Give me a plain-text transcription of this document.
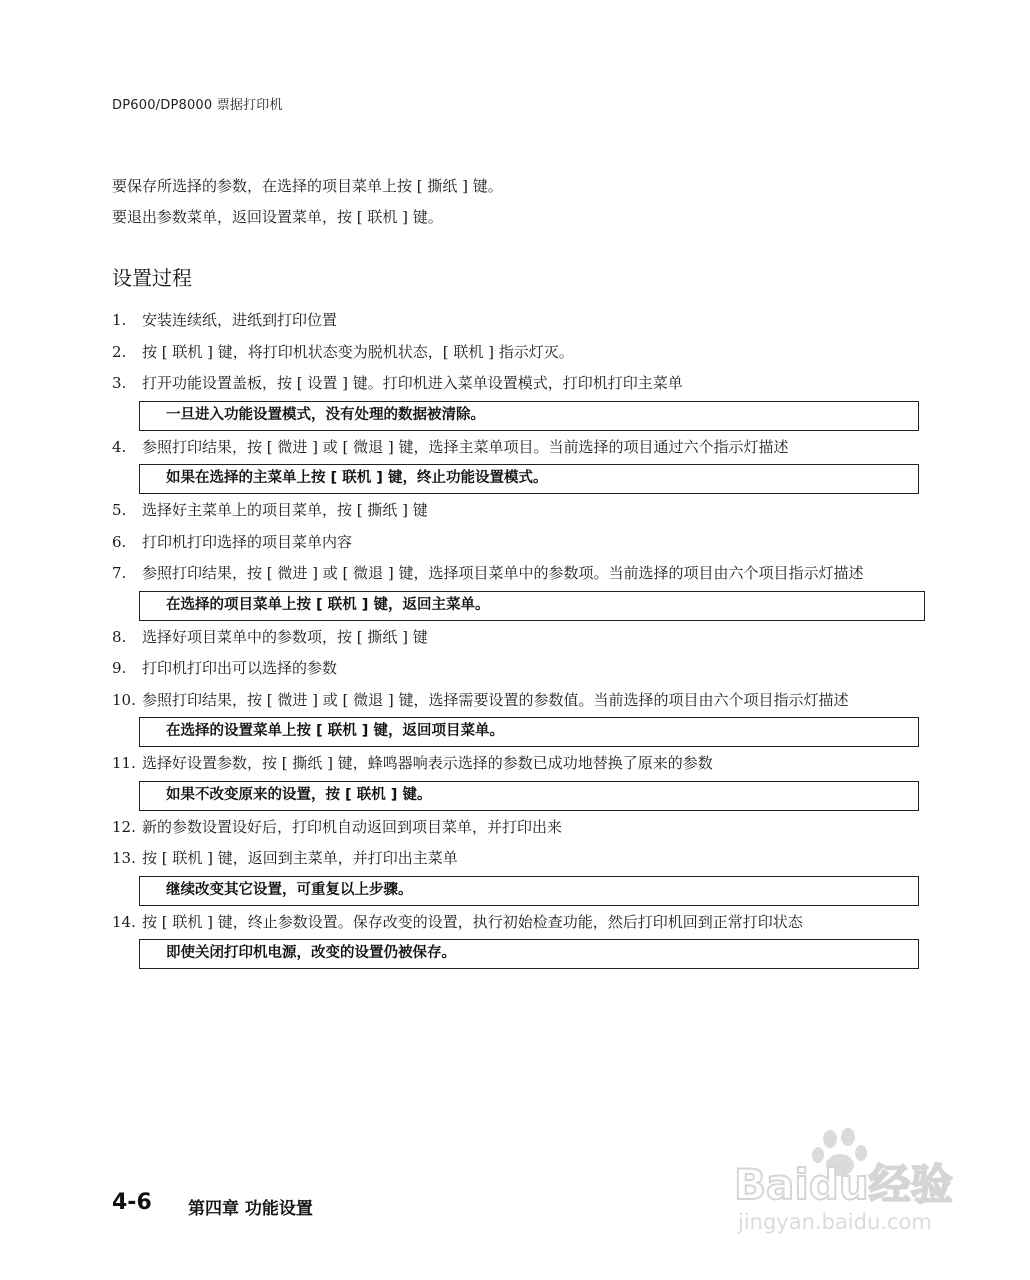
DP600/DP8000 票据打印机

要保存所选择的参数，在选择的项目菜单上按 [ 撕纸 ] 键。

要退出参数菜单，返回设置菜单，按 [ 联机 ] 键。

设置过程
1. 安装连续纸，进纸到打印位置
2. 按 [ 联机 ] 键，将打印机状态变为脱机状态，[ 联机 ] 指示灯灭。
3. 打开功能设置盖板，按 [ 设置 ] 键。打印机进入菜单设置模式，打印机打印主菜单
一旦进入功能设置模式，没有处理的数据被清除。
4. 参照打印结果，按 [ 微进 ] 或 [ 微退 ] 键，选择主菜单项目。当前选择的项目通过六个指示灯描述
如果在选择的主菜单上按 [ 联机 ] 键，终止功能设置模式。
5. 选择好主菜单上的项目菜单，按 [ 撕纸 ] 键
6. 打印机打印选择的项目菜单内容
7. 参照打印结果，按 [ 微进 ] 或 [ 微退 ] 键，选择项目菜单中的参数项。当前选择的项目由六个项目指示灯描述
在选择的项目菜单上按 [ 联机 ] 键，返回主菜单。
8. 选择好项目菜单中的参数项，按 [ 撕纸 ] 键
9. 打印机打印出可以选择的参数
10. 参照打印结果，按 [ 微进 ] 或 [ 微退 ] 键，选择需要设置的参数值。当前选择的项目由六个项目指示灯描述
在选择的设置菜单上按 [ 联机 ] 键，返回项目菜单。
11. 选择好设置参数，按 [ 撕纸 ] 键，蜂鸣器响表示选择的参数已成功地替换了原来的参数
如果不改变原来的设置，按 [ 联机 ] 键。
12. 新的参数设置设好后，打印机自动返回到项目菜单，并打印出来
13. 按 [ 联机 ] 键，返回到主菜单，并打印出主菜单
继续改变其它设置，可重复以上步骤。
14. 按 [ 联机 ] 键，终止参数设置。保存改变的设置，执行初始检查功能，然后打印机回到正常打印状态
即使关闭打印机电源，改变的设置仍被保存。
4-6 第四章 功能设置	Baidu经验
jingyan.baidu.com
